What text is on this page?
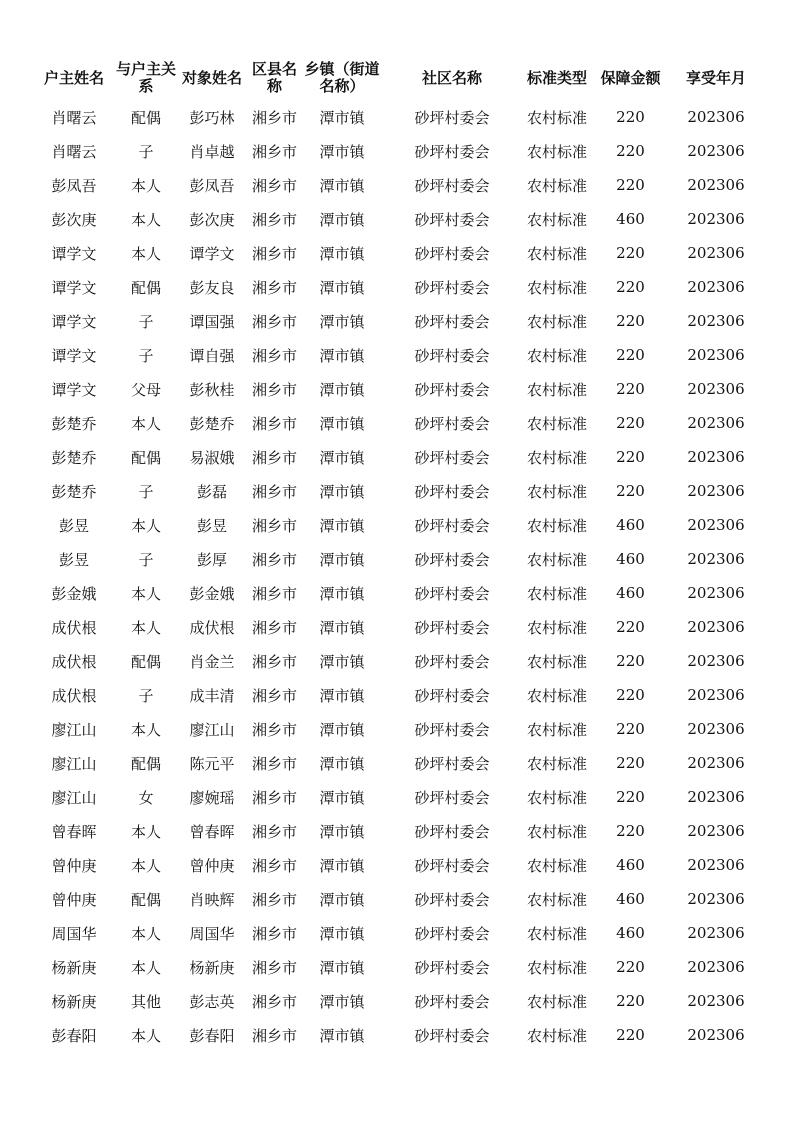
户主姓名	与户主关系	对象姓名	区县名称	乡镇（街道名称）	社区名称	标准类型	保障金额	享受年月
肖曙云	配偶	彭巧林	湘乡市	潭市镇	砂坪村委会	农村标准	220	202306
肖曙云	子	肖卓越	湘乡市	潭市镇	砂坪村委会	农村标准	220	202306
彭凤吾	本人	彭凤吾	湘乡市	潭市镇	砂坪村委会	农村标准	220	202306
彭次庚	本人	彭次庚	湘乡市	潭市镇	砂坪村委会	农村标准	460	202306
谭学文	本人	谭学文	湘乡市	潭市镇	砂坪村委会	农村标准	220	202306
谭学文	配偶	彭友良	湘乡市	潭市镇	砂坪村委会	农村标准	220	202306
谭学文	子	谭国强	湘乡市	潭市镇	砂坪村委会	农村标准	220	202306
谭学文	子	谭自强	湘乡市	潭市镇	砂坪村委会	农村标准	220	202306
谭学文	父母	彭秋桂	湘乡市	潭市镇	砂坪村委会	农村标准	220	202306
彭楚乔	本人	彭楚乔	湘乡市	潭市镇	砂坪村委会	农村标准	220	202306
彭楚乔	配偶	易淑娥	湘乡市	潭市镇	砂坪村委会	农村标准	220	202306
彭楚乔	子	彭磊	湘乡市	潭市镇	砂坪村委会	农村标准	220	202306
彭昱	本人	彭昱	湘乡市	潭市镇	砂坪村委会	农村标准	460	202306
彭昱	子	彭厚	湘乡市	潭市镇	砂坪村委会	农村标准	460	202306
彭金娥	本人	彭金娥	湘乡市	潭市镇	砂坪村委会	农村标准	460	202306
成伏根	本人	成伏根	湘乡市	潭市镇	砂坪村委会	农村标准	220	202306
成伏根	配偶	肖金兰	湘乡市	潭市镇	砂坪村委会	农村标准	220	202306
成伏根	子	成丰清	湘乡市	潭市镇	砂坪村委会	农村标准	220	202306
廖江山	本人	廖江山	湘乡市	潭市镇	砂坪村委会	农村标准	220	202306
廖江山	配偶	陈元平	湘乡市	潭市镇	砂坪村委会	农村标准	220	202306
廖江山	女	廖婉瑶	湘乡市	潭市镇	砂坪村委会	农村标准	220	202306
曾春晖	本人	曾春晖	湘乡市	潭市镇	砂坪村委会	农村标准	220	202306
曾仲庚	本人	曾仲庚	湘乡市	潭市镇	砂坪村委会	农村标准	460	202306
曾仲庚	配偶	肖映辉	湘乡市	潭市镇	砂坪村委会	农村标准	460	202306
周国华	本人	周国华	湘乡市	潭市镇	砂坪村委会	农村标准	460	202306
杨新庚	本人	杨新庚	湘乡市	潭市镇	砂坪村委会	农村标准	220	202306
杨新庚	其他	彭志英	湘乡市	潭市镇	砂坪村委会	农村标准	220	202306
彭春阳	本人	彭春阳	湘乡市	潭市镇	砂坪村委会	农村标准	220	202306
